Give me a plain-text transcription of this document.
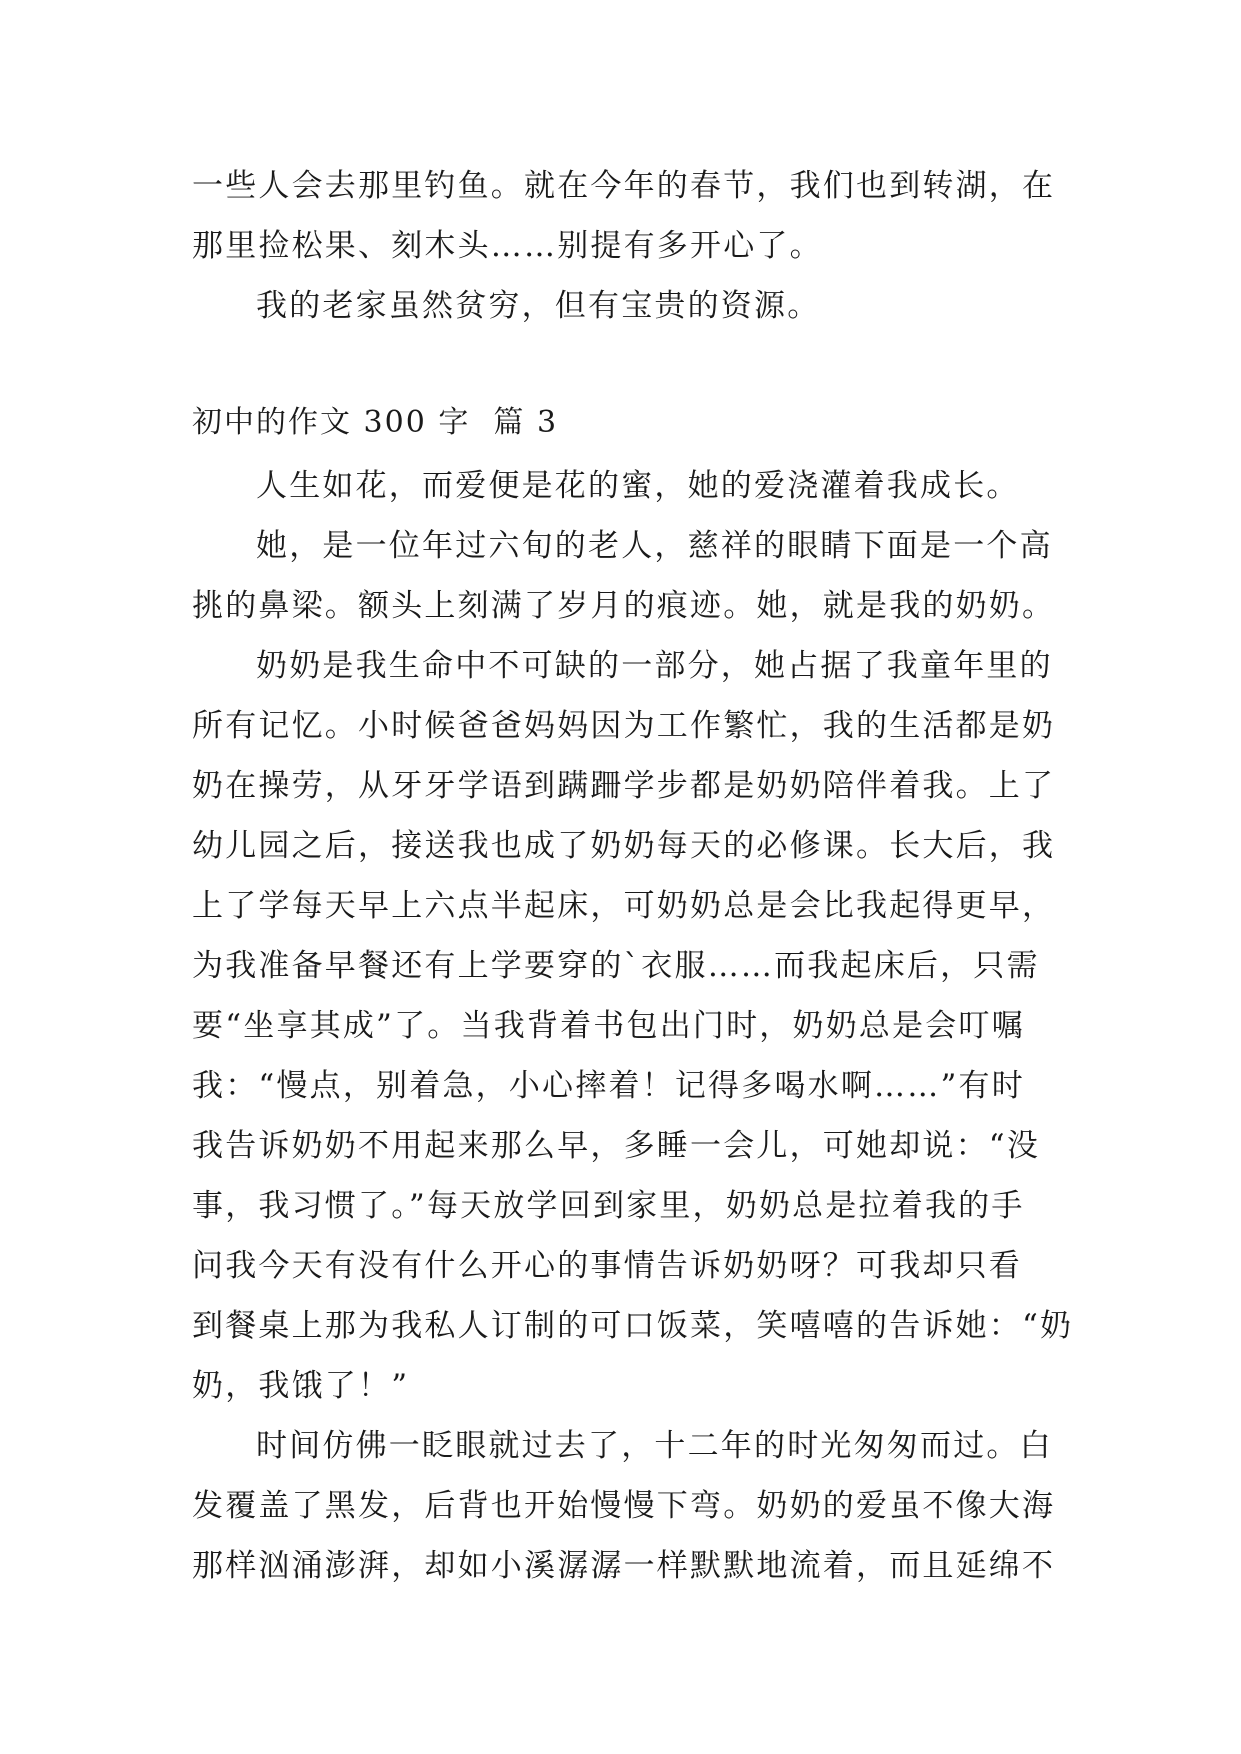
一些人会去那里钓鱼。就在今年的春节，我们也到转湖，在
那里捡松果、刻木头……别提有多开心了。
我的老家虽然贫穷，但有宝贵的资源。
初中的作文 300 字  篇 3
人生如花，而爱便是花的蜜，她的爱浇灌着我成长。
她，是一位年过六旬的老人，慈祥的眼睛下面是一个高
挑的鼻梁。额头上刻满了岁月的痕迹。她，就是我的奶奶。
奶奶是我生命中不可缺的一部分，她占据了我童年里的
所有记忆。小时候爸爸妈妈因为工作繁忙，我的生活都是奶
奶在操劳，从牙牙学语到蹒跚学步都是奶奶陪伴着我。上了
幼儿园之后，接送我也成了奶奶每天的必修课。长大后，我
上了学每天早上六点半起床，可奶奶总是会比我起得更早，
为我准备早餐还有上学要穿的`衣服……而我起床后，只需
要“坐享其成”了。当我背着书包出门时，奶奶总是会叮嘱
我：“慢点，别着急，小心摔着！记得多喝水啊……”有时
我告诉奶奶不用起来那么早，多睡一会儿，可她却说：“没
事，我习惯了。”每天放学回到家里，奶奶总是拉着我的手
问我今天有没有什么开心的事情告诉奶奶呀？可我却只看
到餐桌上那为我私人订制的可口饭菜，笑嘻嘻的告诉她：“奶
奶，我饿了！”
时间仿佛一眨眼就过去了，十二年的时光匆匆而过。白
发覆盖了黑发，后背也开始慢慢下弯。奶奶的爱虽不像大海
那样汹涌澎湃，却如小溪潺潺一样默默地流着，而且延绵不
